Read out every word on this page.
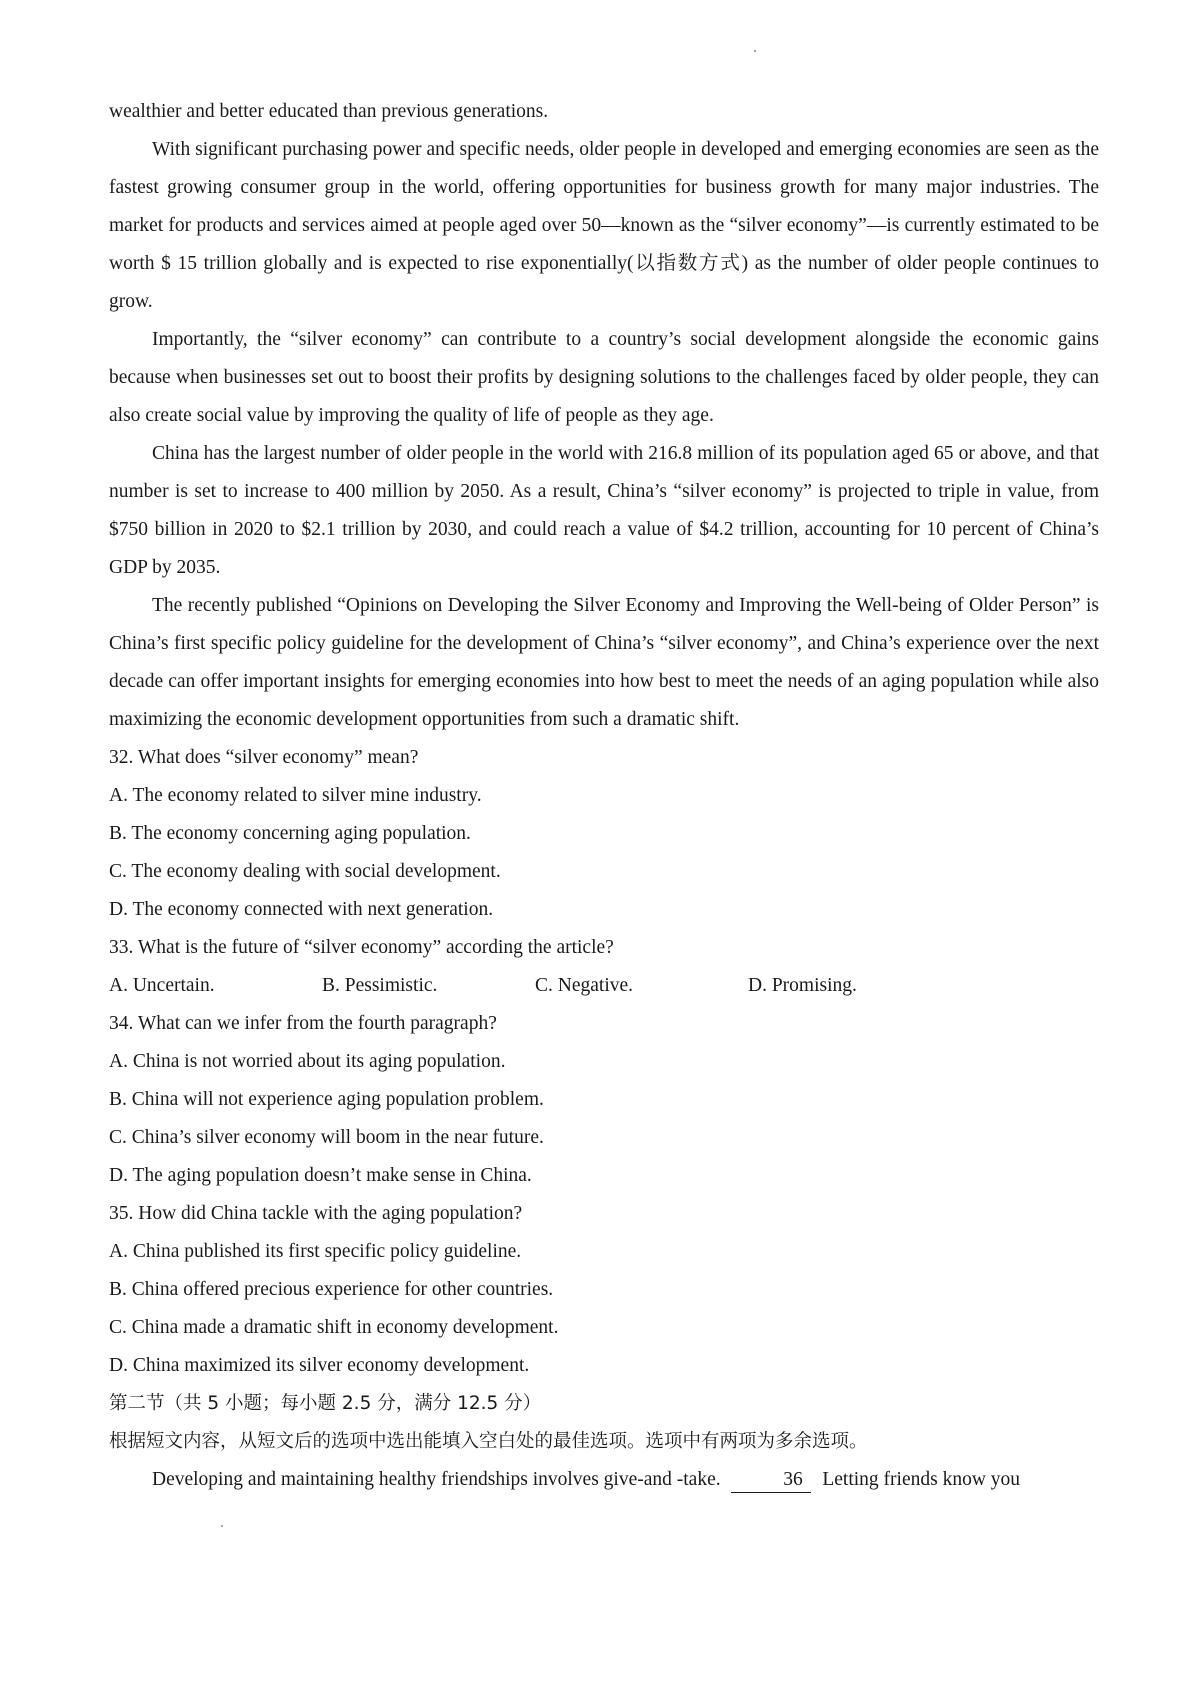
wealthier and better educated than previous generations.

With significant purchasing power and specific needs, older people in developed and emerging economies are seen as the fastest growing consumer group in the world, offering opportunities for business growth for many major industries. The market for products and services aimed at people aged over 50—known as the “silver economy”—is currently estimated to be worth $ 15 trillion globally and is expected to rise exponentially(以指数方式) as the number of older people continues to grow.

Importantly, the “silver economy” can contribute to a country’s social development alongside the economic gains because when businesses set out to boost their profits by designing solutions to the challenges faced by older people, they can also create social value by improving the quality of life of people as they age.

China has the largest number of older people in the world with 216.8 million of its population aged 65 or above, and that number is set to increase to 400 million by 2050. As a result, China’s “silver economy” is projected to triple in value, from $750 billion in 2020 to $2.1 trillion by 2030, and could reach a value of $4.2 trillion, accounting for 10 percent of China’s GDP by 2035.

The recently published “Opinions on Developing the Silver Economy and Improving the Well-being of Older Person” is China’s first specific policy guideline for the development of China’s “silver economy”, and China’s experience over the next decade can offer important insights for emerging economies into how best to meet the needs of an aging population while also maximizing the economic development opportunities from such a dramatic shift.

32. What does “silver economy” mean?

A. The economy related to silver mine industry.

B. The economy concerning aging population.

C. The economy dealing with social development.

D. The economy connected with next generation.

33. What is the future of “silver economy” according the article?

A. Uncertain.	B. Pessimistic.	C. Negative.	D. Promising.

34. What can we infer from the fourth paragraph?

A. China is not worried about its aging population.

B. China will not experience aging population problem.

C. China’s silver economy will boom in the near future.

D. The aging population doesn’t make sense in China.

35. How did China tackle with the aging population?

A. China published its first specific policy guideline.

B. China offered precious experience for other countries.

C. China made a dramatic shift in economy development.

D. China maximized its silver economy development.

第二节（共 5 小题；每小题 2.5 分，满分 12.5 分）

根据短文内容，从短文后的选项中选出能填入空白处的最佳选项。选项中有两项为多余选项。

Developing and maintaining healthy friendships involves give-and -take.	36 Letting friends know you
